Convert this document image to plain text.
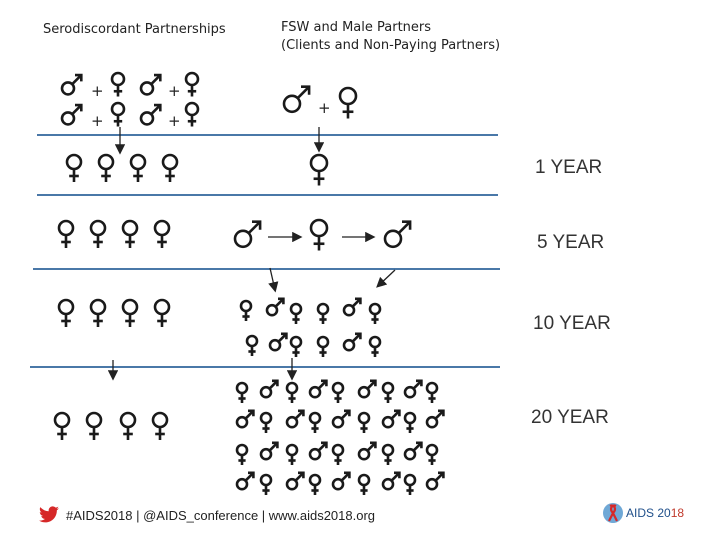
Serodiscordant Partnerships	FSW and Male Partners
(Clients and Non-Paying Partners)
1 YEAR
5 YEAR
10 YEAR
20 YEAR
+	+
+	+
+
#AIDS2018 | @AIDS_conference | www.aids2018.org	AIDS 2018
